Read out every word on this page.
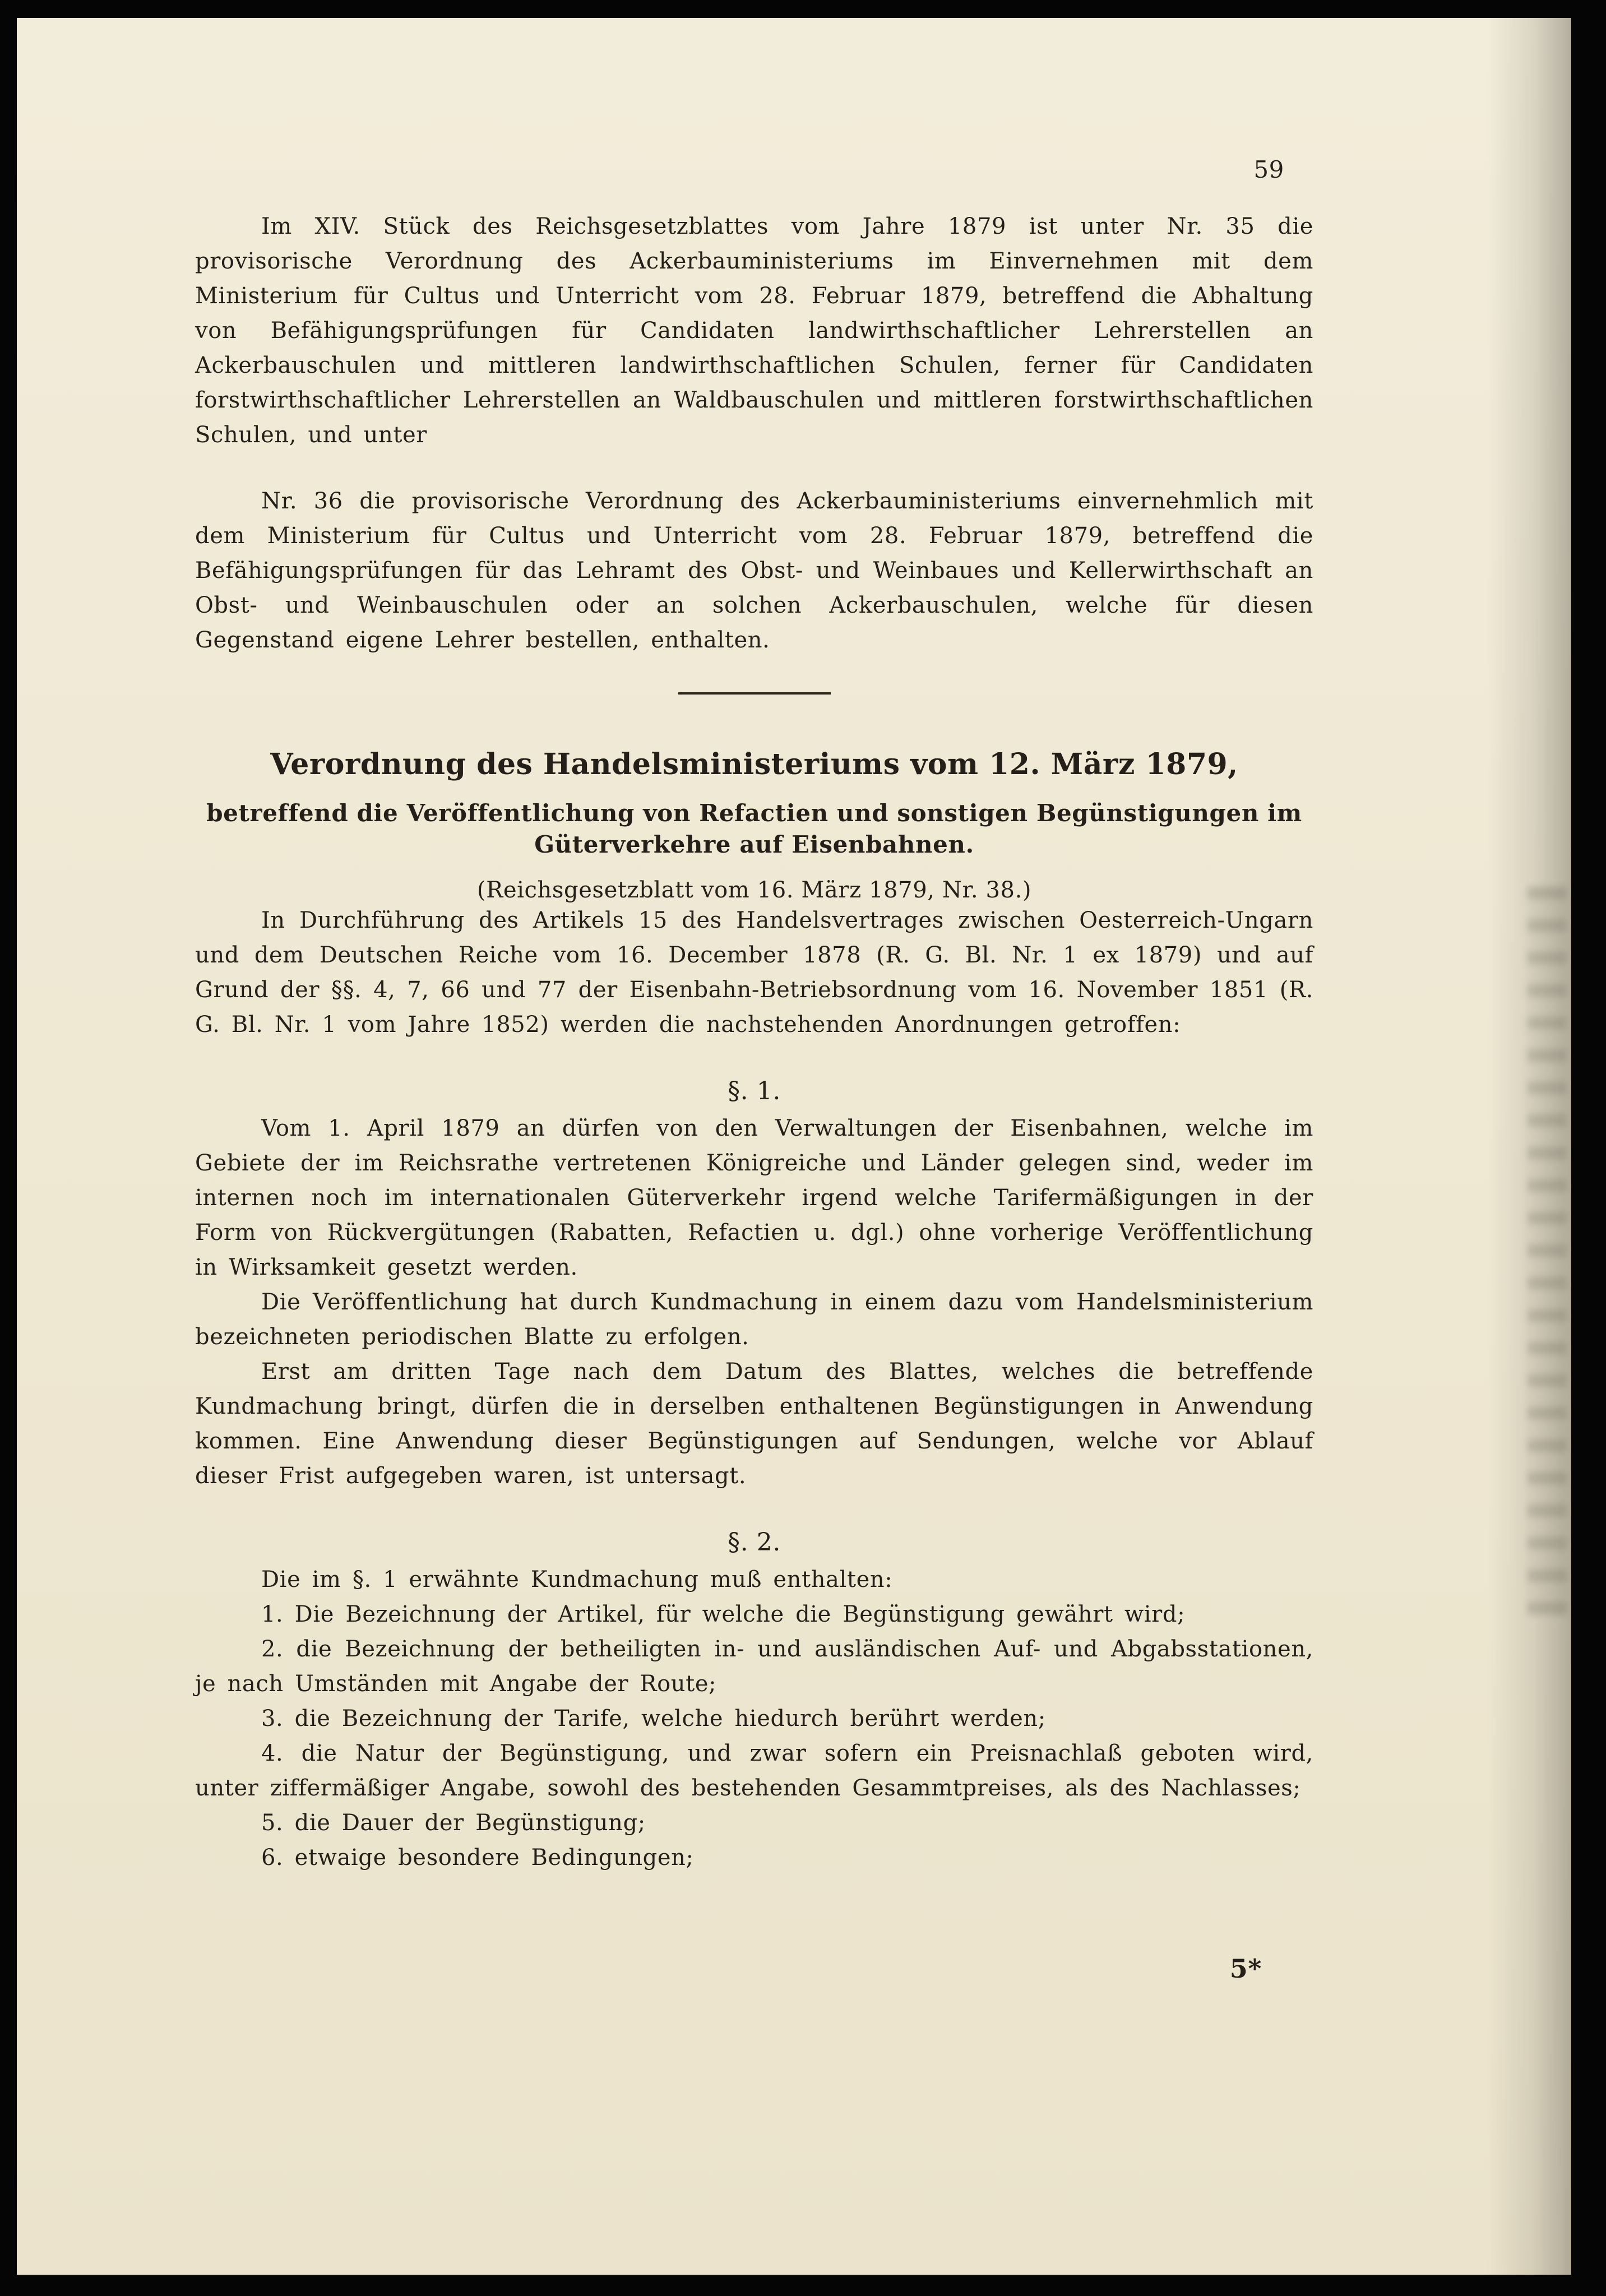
59

Im XIV. Stück des Reichsgesetzblattes vom Jahre 1879 ist unter Nr. 35 die provisorische Verordnung des Ackerbauministeriums im Einvernehmen mit dem Ministerium für Cultus und Unterricht vom 28. Februar 1879, betreffend die Abhaltung von Befähigungsprüfungen für Candidaten landwirthschaftlicher Lehrerstellen an Ackerbauschulen und mittleren landwirthschaftlichen Schulen, ferner für Candidaten forstwirthschaftlicher Lehrerstellen an Waldbauschulen und mittleren forstwirthschaftlichen Schulen, und unter

Nr. 36 die provisorische Verordnung des Ackerbauministeriums einvernehmlich mit dem Ministerium für Cultus und Unterricht vom 28. Februar 1879, betreffend die Befähigungsprüfungen für das Lehramt des Obst- und Weinbaues und Kellerwirthschaft an Obst- und Weinbauschulen oder an solchen Ackerbauschulen, welche für diesen Gegenstand eigene Lehrer bestellen, enthalten.

Verordnung des Handelsministeriums vom 12. März 1879,
betreffend die Veröffentlichung von Refactien und sonstigen Begünstigungen im Güterverkehre auf Eisenbahnen.
(Reichsgesetzblatt vom 16. März 1879, Nr. 38.)

In Durchführung des Artikels 15 des Handelsvertrages zwischen Oesterreich-Ungarn und dem Deutschen Reiche vom 16. December 1878 (R. G. Bl. Nr. 1 ex 1879) und auf Grund der §§. 4, 7, 66 und 77 der Eisenbahn-Betriebsordnung vom 16. November 1851 (R. G. Bl. Nr. 1 vom Jahre 1852) werden die nachstehenden Anordnungen getroffen:

§. 1.

Vom 1. April 1879 an dürfen von den Verwaltungen der Eisenbahnen, welche im Gebiete der im Reichsrathe vertretenen Königreiche und Länder gelegen sind, weder im internen noch im internationalen Güterverkehr irgend welche Tarifermäßigungen in der Form von Rückvergütungen (Rabatten, Refactien u. dgl.) ohne vorherige Veröffentlichung in Wirksamkeit gesetzt werden.

Die Veröffentlichung hat durch Kundmachung in einem dazu vom Handelsministerium bezeichneten periodischen Blatte zu erfolgen.

Erst am dritten Tage nach dem Datum des Blattes, welches die betreffende Kundmachung bringt, dürfen die in derselben enthaltenen Begünstigungen in Anwendung kommen. Eine Anwendung dieser Begünstigungen auf Sendungen, welche vor Ablauf dieser Frist aufgegeben waren, ist untersagt.

§. 2.

Die im §. 1 erwähnte Kundmachung muß enthalten:

1. Die Bezeichnung der Artikel, für welche die Begünstigung gewährt wird;

2. die Bezeichnung der betheiligten in- und ausländischen Auf- und Abgabsstationen, je nach Umständen mit Angabe der Route;

3. die Bezeichnung der Tarife, welche hiedurch berührt werden;

4. die Natur der Begünstigung, und zwar sofern ein Preisnachlaß geboten wird, unter ziffermäßiger Angabe, sowohl des bestehenden Gesammtpreises, als des Nachlasses;

5. die Dauer der Begünstigung;

6. etwaige besondere Bedingungen;

5*
